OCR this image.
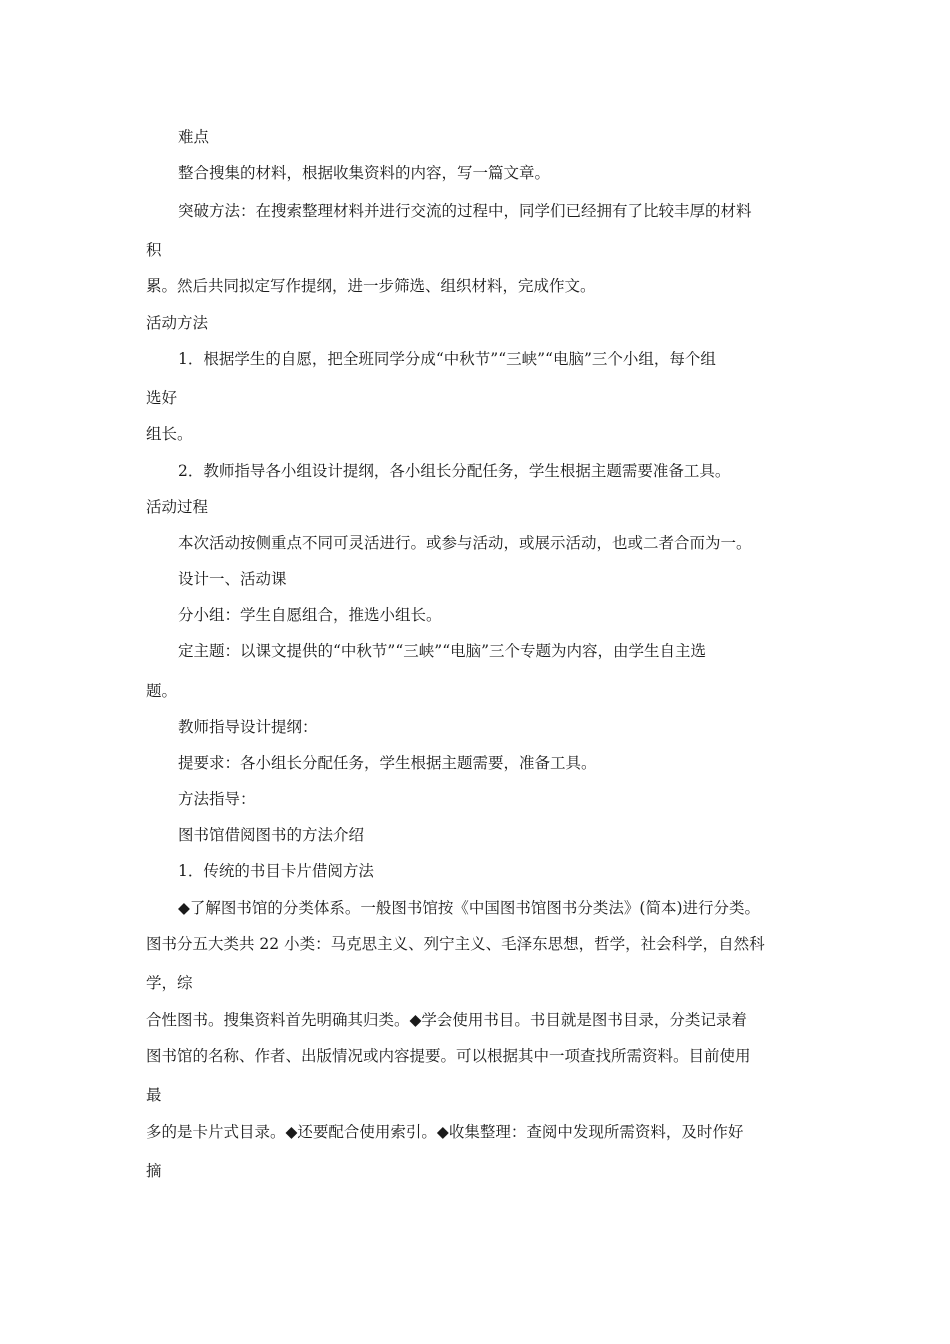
难点
整合搜集的材料，根据收集资料的内容，写一篇文章。
突破方法：在搜索整理材料并进行交流的过程中，同学们已经拥有了比较丰厚的材料
积
累。然后共同拟定写作提纲，进一步筛选、组织材料，完成作文。
活动方法
1．根据学生的自愿，把全班同学分成“中秋节”“三峡”“电脑”三个小组，每个组
选好
组长。
2．教师指导各小组设计提纲，各小组长分配任务，学生根据主题需要准备工具。
活动过程
本次活动按侧重点不同可灵活进行。或参与活动，或展示活动，也或二者合而为一。
设计一、活动课
分小组：学生自愿组合，推选小组长。
定主题：以课文提供的“中秋节”“三峡”“电脑”三个专题为内容，由学生自主选
题。
教师指导设计提纲：
提要求：各小组长分配任务，学生根据主题需要，准备工具。
方法指导：
图书馆借阅图书的方法介绍
1．传统的书目卡片借阅方法
◆了解图书馆的分类体系。一般图书馆按《中国图书馆图书分类法》(简本)进行分类。
图书分五大类共 22 小类：马克思主义、列宁主义、毛泽东思想，哲学，社会科学，自然科
学，综
合性图书。搜集资料首先明确其归类。◆学会使用书目。书目就是图书目录，分类记录着
图书馆的名称、作者、出版情况或内容提要。可以根据其中一项查找所需资料。目前使用
最
多的是卡片式目录。◆还要配合使用索引。◆收集整理：查阅中发现所需资料，及时作好
摘
